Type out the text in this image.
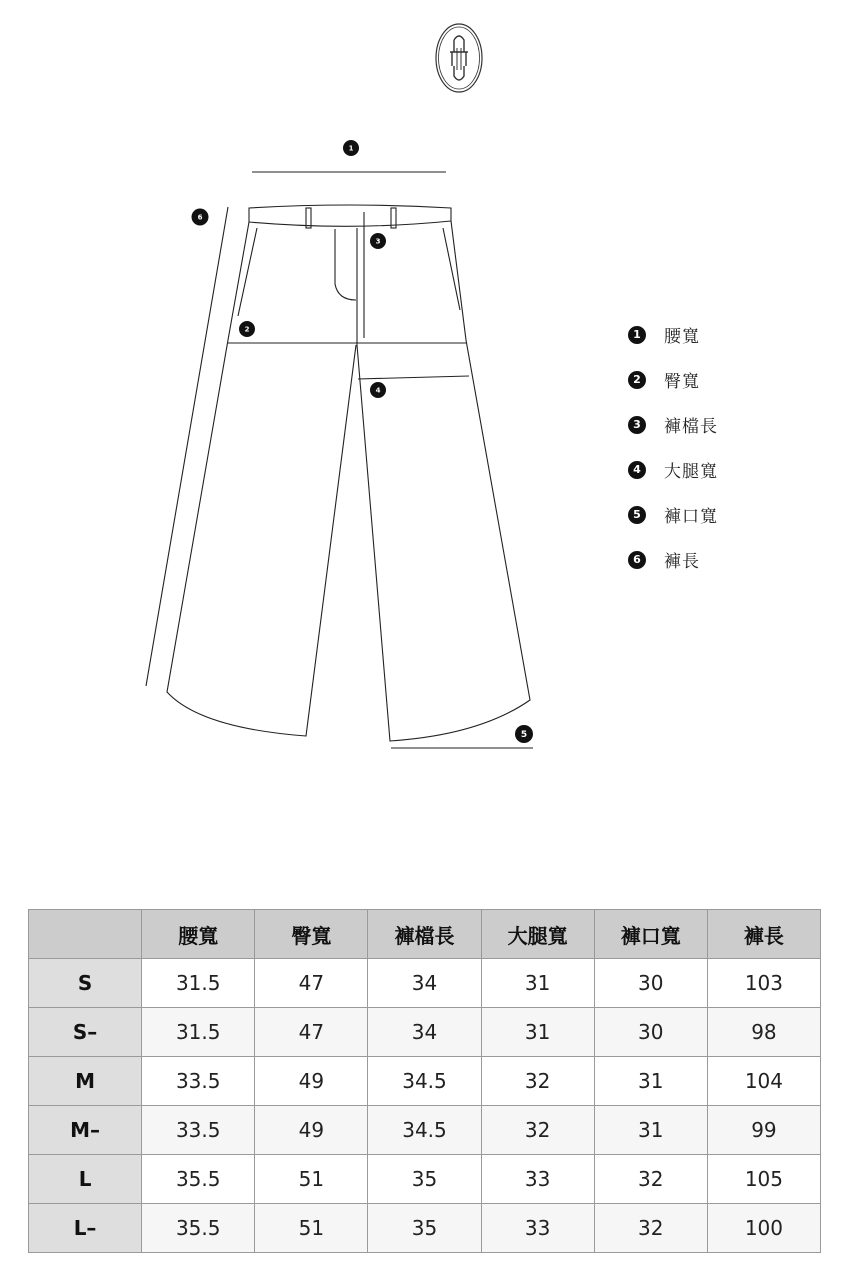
1
6
3
2
4
5
1	腰寬
2	臀寬
3	褲檔長
4	大腿寬
5	褲口寬
6	褲長
	腰寬	臀寬	褲檔長	大腿寬	褲口寬	褲長
S	31.5	47	34	31	30	103
S–	31.5	47	34	31	30	98
M	33.5	49	34.5	32	31	104
M–	33.5	49	34.5	32	31	99
L	35.5	51	35	33	32	105
L–	35.5	51	35	33	32	100
